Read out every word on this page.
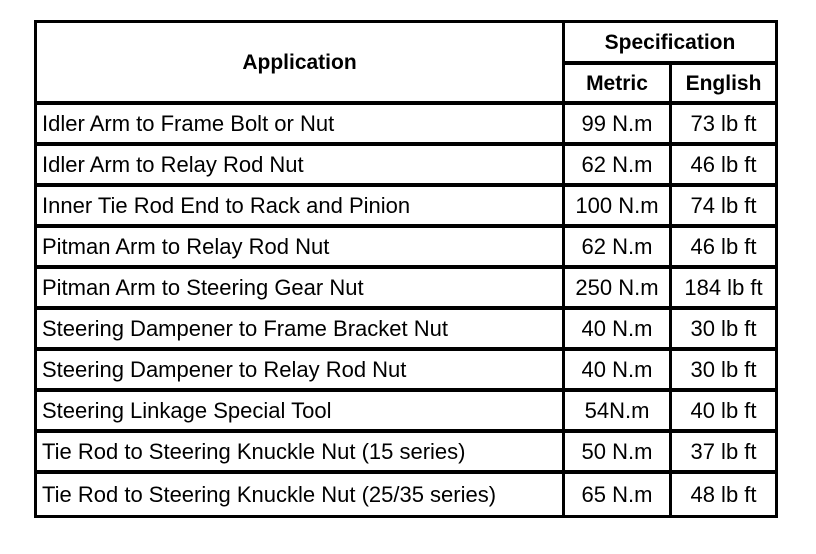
Application	Specification	
	Metric	English
Idler Arm to Frame Bolt or Nut	99 N.m	73 lb ft
Idler Arm to Relay Rod Nut	62 N.m	46 lb ft
Inner Tie Rod End to Rack and Pinion	100 N.m	74 lb ft
Pitman Arm to Relay Rod Nut	62 N.m	46 lb ft
Pitman Arm to Steering Gear Nut	250 N.m	184 lb ft
Steering Dampener to Frame Bracket Nut	40 N.m	30 lb ft
Steering Dampener to Relay Rod Nut	40 N.m	30 lb ft
Steering Linkage Special Tool	54N.m	40 lb ft
Tie Rod to Steering Knuckle Nut (15 series)	50 N.m	37 lb ft
Tie Rod to Steering Knuckle Nut (25/35 series)	65 N.m	48 lb ft
